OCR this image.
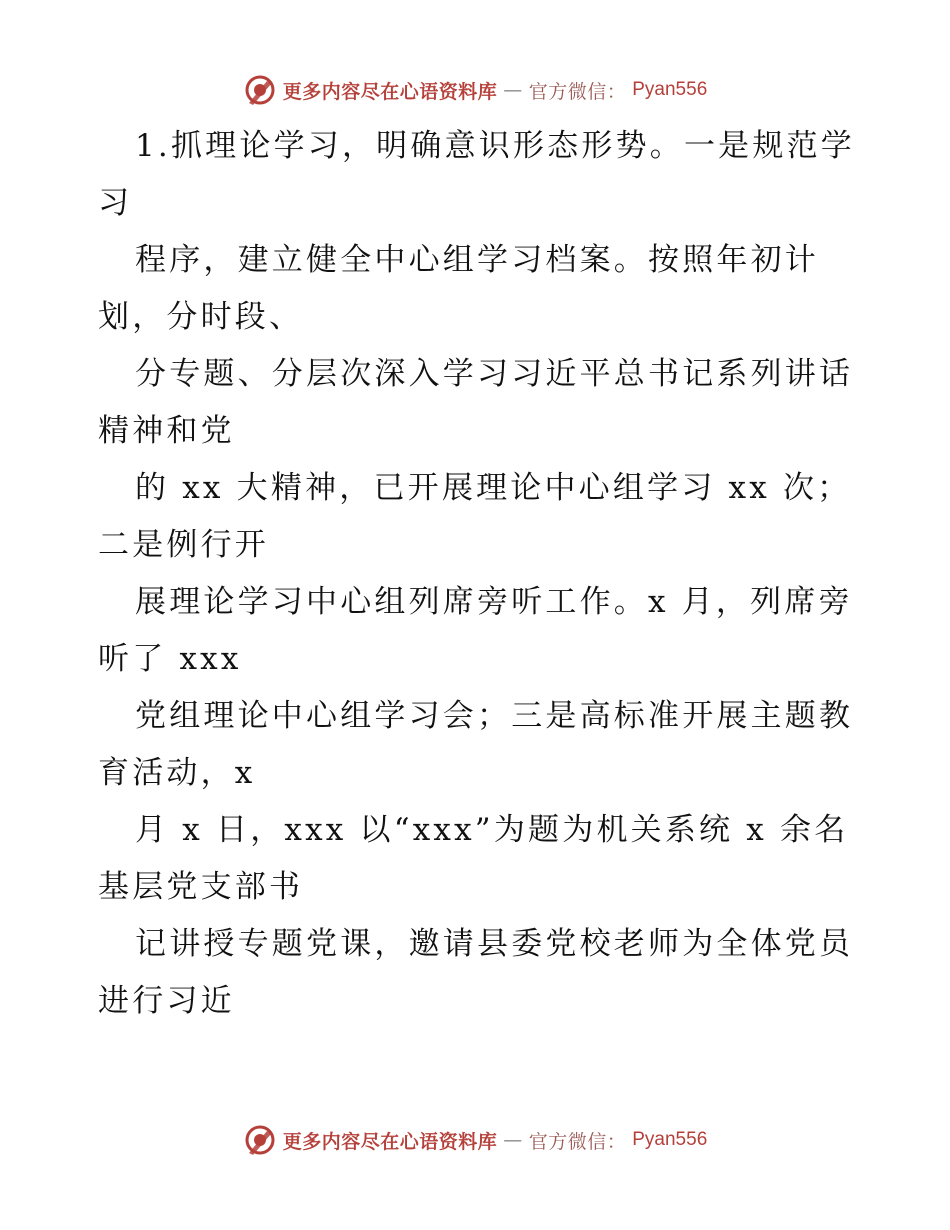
更多内容尽在心语资料库 — 官方微信： Pyan556

1.抓理论学习，明确意识形态形势。一是规范学
习

程序，建立健全中心组学习档案。按照年初计
划，分时段、

分专题、分层次深入学习习近平总书记系列讲话
精神和党

的 xx 大精神，已开展理论中心组学习 xx 次；
二是例行开

展理论学习中心组列席旁听工作。x 月，列席旁
听了 xxx

党组理论中心组学习会；三是高标准开展主题教
育活动，x

月 x 日，xxx 以“xxx”为题为机关系统 x 余名
基层党支部书

记讲授专题党课，邀请县委党校老师为全体党员
进行习近

更多内容尽在心语资料库 — 官方微信： Pyan556
